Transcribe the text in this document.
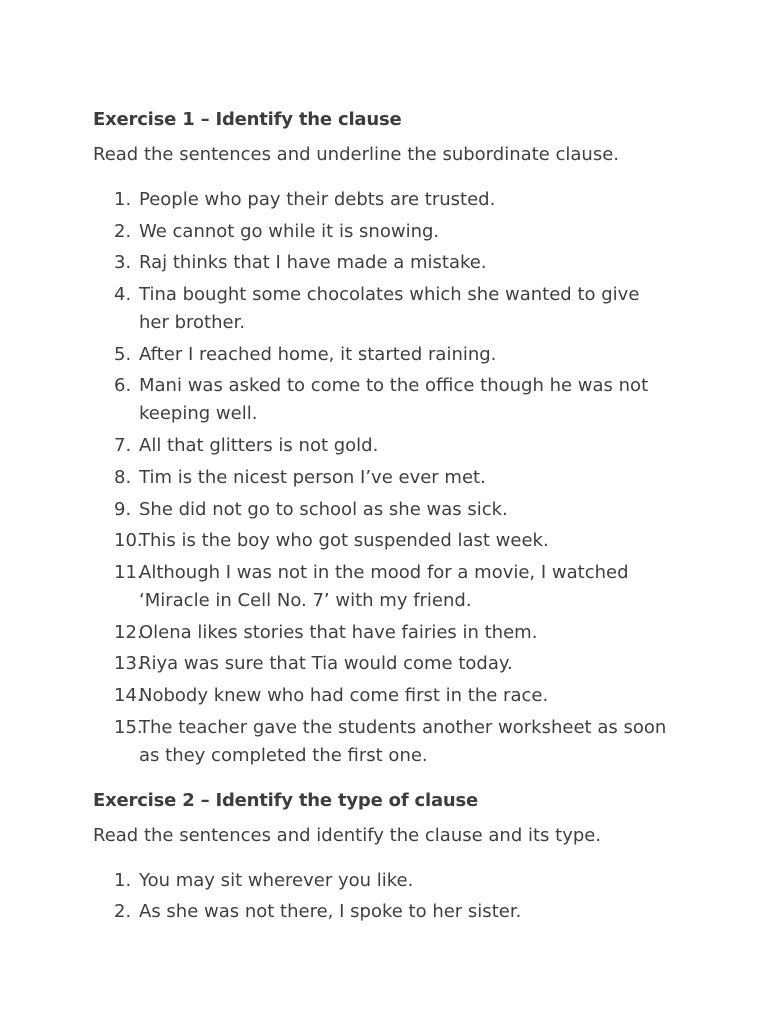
Exercise 1 – Identify the clause

Read the sentences and underline the subordinate clause.

1. People who pay their debts are trusted.
2. We cannot go while it is snowing.
3. Raj thinks that I have made a mistake.
4. Tina bought some chocolates which she wanted to give her brother.
5. After I reached home, it started raining.
6. Mani was asked to come to the office though he was not keeping well.
7. All that glitters is not gold.
8. Tim is the nicest person I’ve ever met.
9. She did not go to school as she was sick.
10.
This is the boy who got suspended last week.
11.
Although I was not in the mood for a movie, I watched ‘Miracle in Cell No. 7’ with my friend.
12.
Olena likes stories that have fairies in them.
13.
Riya was sure that Tia would come today.
14.
Nobody knew who had come first in the race.
15.
The teacher gave the students another worksheet as soon as they completed the first one.
Exercise 2 – Identify the type of clause

Read the sentences and identify the clause and its type.

1. You may sit wherever you like.
2. As she was not there, I spoke to her sister.
